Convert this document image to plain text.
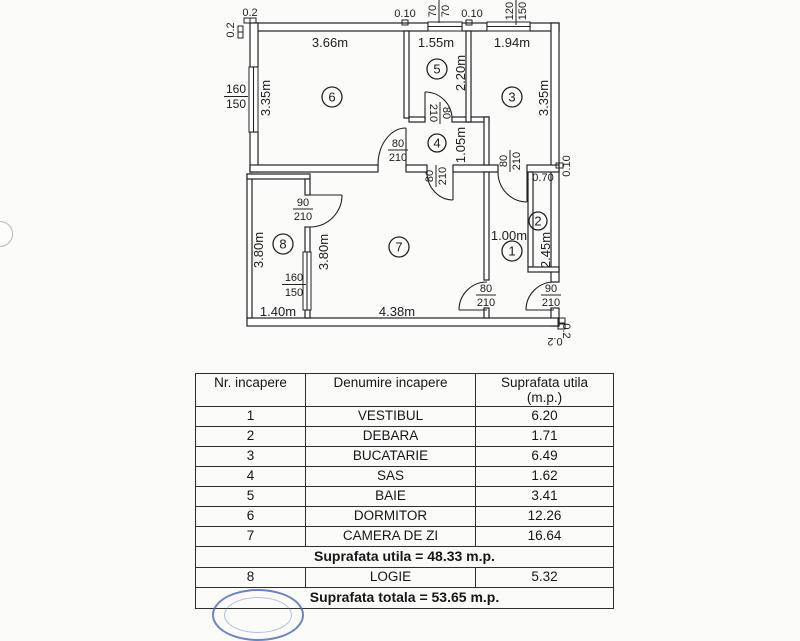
6
5
3
4
8	7	1
2
3.66m
3.35m
1.55m
2.20m
1.94m
3.35m
1.05m
3.80m
1.40m
3.80m
4.38m
1.00m
0.70
2.45m
0.2
0.2
0.10	0.10
0.10
0.2
0.2
160
150
70 70	120 150
160
150
80
210
80
210
80 210
80 210
80
210
90
210
90
210
Nr. incapere	Denumire incapere	Suprafata utila
(m.p.)

1	VESTIBUL	6.20
2	DEBARA	1.71
3	BUCATARIE	6.49
4	SAS	1.62
5	BAIE	3.41
6	DORMITOR	12.26
7	CAMERA DE ZI	16.64
Suprafata utila = 48.33 m.p.		
8	LOGIE	5.32
Suprafata totala = 53.65 m.p.		
